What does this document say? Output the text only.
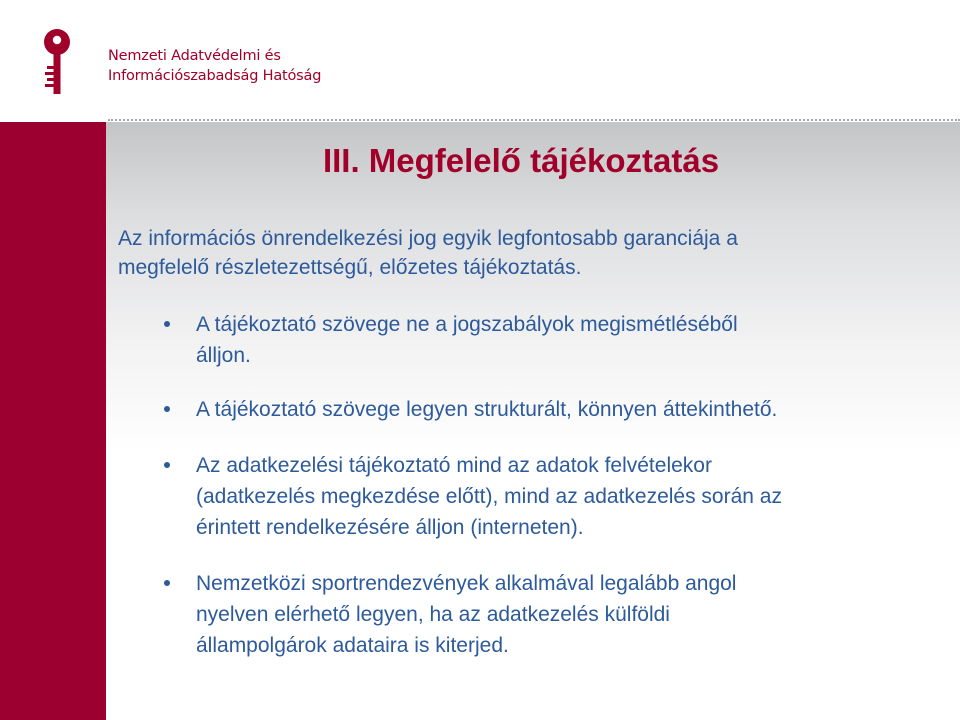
Nemzeti Adatvédelmi és
Információszabadság Hatóság
III. Megfelelő tájékoztatás

Az információs önrendelkezési jog egyik legfontosabb garanciája a
megfelelő részletezettségű, előzetes tájékoztatás.

A tájékoztató szövege ne a jogszabályok megismétléséből
álljon.
A tájékoztató szövege legyen strukturált, könnyen áttekinthető.
Az adatkezelési tájékoztató mind az adatok felvételekor
(adatkezelés megkezdése előtt), mind az adatkezelés során az
érintett rendelkezésére álljon (interneten).
Nemzetközi sportrendezvények alkalmával legalább angol
nyelven elérhető legyen, ha az adatkezelés külföldi
állampolgárok adataira is kiterjed.
